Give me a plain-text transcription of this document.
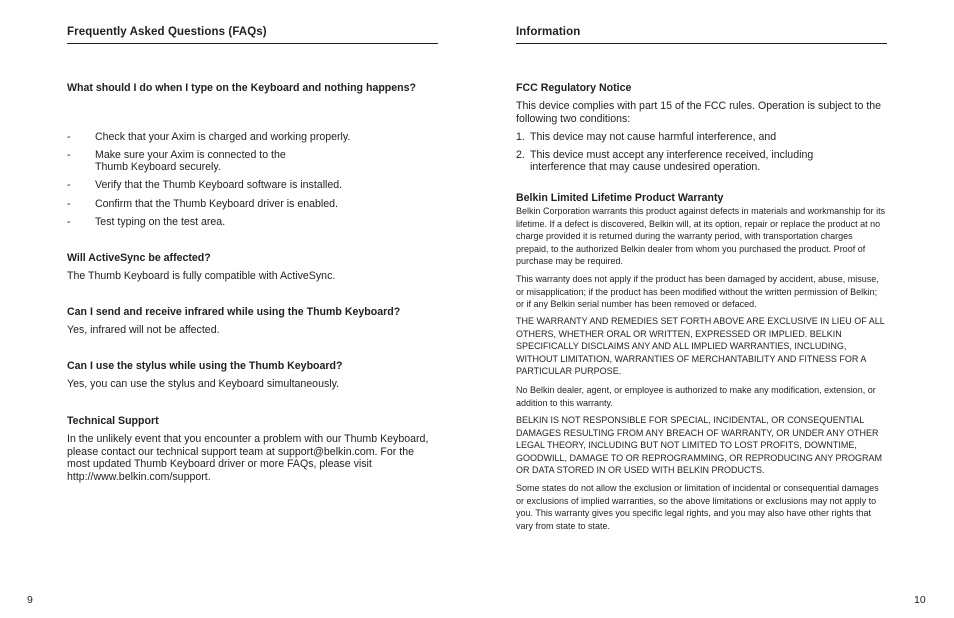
Frequently Asked Questions (FAQs)
What should I do when I type on the Keyboard and nothing happens?
- Check that your Axim is charged and working properly.
- Make sure your Axim is connected to the Thumb Keyboard securely.
- Verify that the Thumb Keyboard software is installed.
- Confirm that the Thumb Keyboard driver is enabled.
- Test typing on the test area.
Will ActiveSync be affected?
The Thumb Keyboard is fully compatible with ActiveSync.
Can I send and receive infrared while using the Thumb Keyboard?
Yes, infrared will not be affected.
Can I use the stylus while using the Thumb Keyboard?
Yes, you can use the stylus and Keyboard simultaneously.
Technical Support
In the unlikely event that you encounter a problem with our Thumb Keyboard, please contact our technical support team at support@belkin.com. For the most updated Thumb Keyboard driver or more FAQs, please visit http://www.belkin.com/support.
9
Information
FCC Regulatory Notice
This device complies with part 15 of the FCC rules. Operation is subject to the following two conditions:
1. This device may not cause harmful interference, and
2. This device must accept any interference received, including interference that may cause undesired operation.
Belkin Limited Lifetime Product Warranty
Belkin Corporation warrants this product against defects in materials and workmanship for its lifetime. If a defect is discovered, Belkin will, at its option, repair or replace the product at no charge provided it is returned during the warranty period, with transportation charges prepaid, to the authorized Belkin dealer from whom you purchased the product. Proof of purchase may be required.
This warranty does not apply if the product has been damaged by accident, abuse, misuse, or misapplication; if the product has been modified without the written permission of Belkin; or if any Belkin serial number has been removed or defaced.
THE WARRANTY AND REMEDIES SET FORTH ABOVE ARE EXCLUSIVE IN LIEU OF ALL OTHERS, WHETHER ORAL OR WRITTEN, EXPRESSED OR IMPLIED. BELKIN SPECIFICALLY DISCLAIMS ANY AND ALL IMPLIED WARRANTIES, INCLUDING, WITHOUT LIMITATION, WARRANTIES OF MERCHANTABILITY AND FITNESS FOR A PARTICULAR PURPOSE.
No Belkin dealer, agent, or employee is authorized to make any modification, extension, or addition to this warranty.
BELKIN IS NOT RESPONSIBLE FOR SPECIAL, INCIDENTAL, OR CONSEQUENTIAL DAMAGES RESULTING FROM ANY BREACH OF WARRANTY, OR UNDER ANY OTHER LEGAL THEORY, INCLUDING BUT NOT LIMITED TO LOST PROFITS, DOWNTIME, GOODWILL, DAMAGE TO OR REPROGRAMMING, OR REPRODUCING ANY PROGRAM OR DATA STORED IN OR USED WITH BELKIN PRODUCTS.
Some states do not allow the exclusion or limitation of incidental or consequential damages or exclusions of implied warranties, so the above limitations or exclusions may not apply to you. This warranty gives you specific legal rights, and you may also have other rights that vary from state to state.
10
